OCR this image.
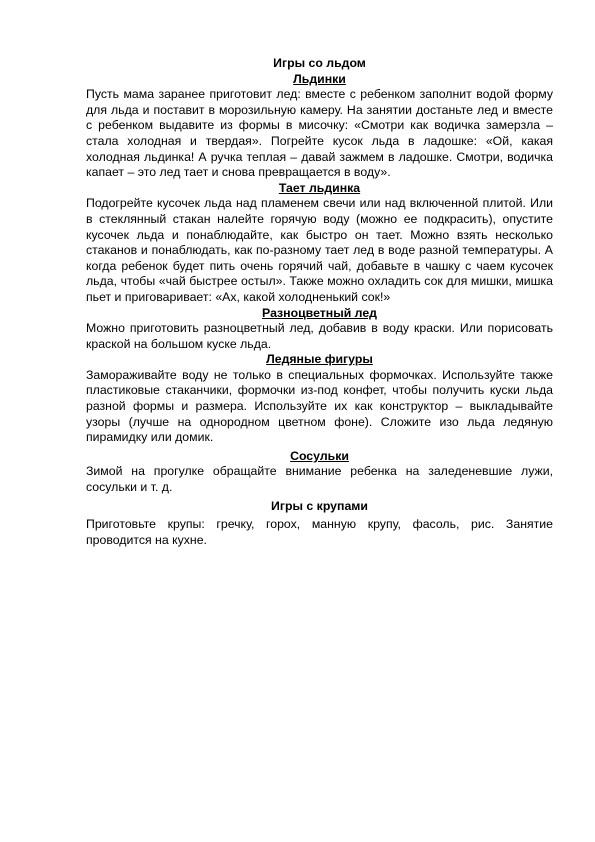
Игры со льдом

Льдинки

Пусть мама заранее приготовит лед: вместе с ребенком заполнит водой форму для льда и поставит в морозильную камеру. На занятии достаньте лед и вместе с ребенком выдавите из формы в мисочку: «Смотри как водичка замерзла – стала холодная и твердая». Погрейте кусок льда в ладошке: «Ой, какая холодная льдинка! А ручка теплая – давай зажмем в ладошке. Смотри, водичка капает – это лед тает и снова превращается в воду».

Тает льдинка

Подогрейте кусочек льда над пламенем свечи или над включенной плитой. Или в стеклянный стакан налейте горячую воду (можно ее подкрасить), опустите кусочек льда и понаблюдайте, как быстро он тает. Можно взять несколько стаканов и понаблюдать, как по-разному тает лед в воде разной температуры. А когда ребенок будет пить очень горячий чай, добавьте в чашку с чаем кусочек льда, чтобы «чай быстрее остыл». Также можно охладить сок для мишки, мишка пьет и приговаривает: «Ах, какой холодненький сок!»

Разноцветный лед

Можно приготовить разноцветный лед, добавив в воду краски. Или порисовать краской на большом куске льда.

Ледяные фигуры

Замораживайте воду не только в специальных формочках. Используйте также пластиковые стаканчики, формочки из-под конфет, чтобы получить куски льда разной формы и размера. Используйте их как конструктор – выкладывайте узоры (лучше на однородном цветном фоне). Сложите изо льда ледяную пирамидку или домик.

Сосульки

Зимой на прогулке обращайте внимание ребенка на заледеневшие лужи, сосульки и т. д.

Игры с крупами

Приготовьте крупы: гречку, горох, манную крупу, фасоль, рис. Занятие проводится на кухне.
